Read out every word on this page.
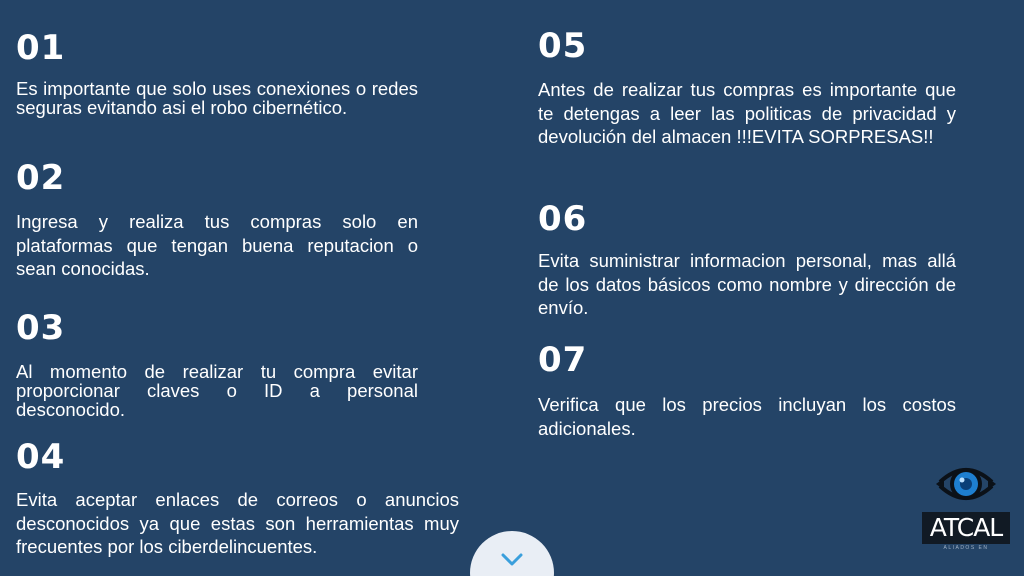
01
Es importante que solo uses conexiones o redes seguras evitando asi el robo cibernético.
02
Ingresa y realiza tus compras solo en plataformas que tengan buena reputacion o sean conocidas.
03
Al momento de realizar tu compra evitar proporcionar claves o ID a personal desconocido.
04
Evita aceptar enlaces de correos o anuncios desconocidos ya que estas son herramientas muy frecuentes por los ciberdelincuentes.
05
Antes de realizar tus compras es importante que te detengas a leer las politicas de privacidad y devolución del almacen !!!EVITA SORPRESAS!!
06
Evita suministrar informacion personal, mas allá de los datos básicos como nombre y dirección de envío.
07
Verifica que los precios incluyan los costos adicionales.
ATCAL
ALIADOS EN
